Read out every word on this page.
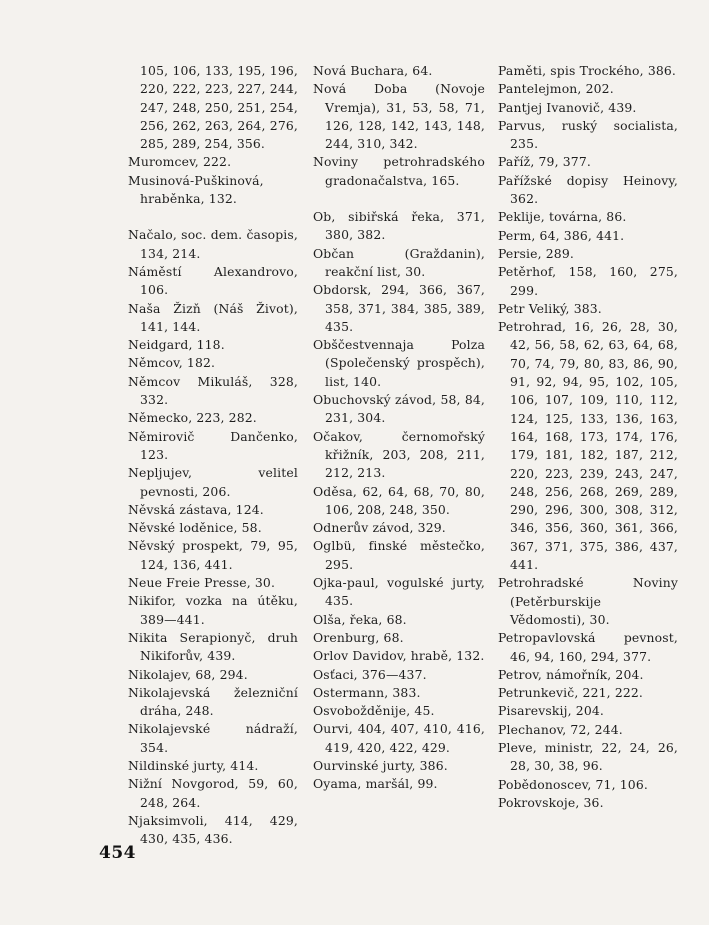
105, 106, 133, 195, 196, 220, 222, 223, 227, 244, 247, 248, 250, 251, 254, 256, 262, 263, 264, 276, 285, 289, 254, 356.
Muromcev, 222.
Musinová-Puškinová, hraběnka, 132.
Načalo, soc. dem. časopis, 134, 214.
Náměstí Alexandrovo, 106.
Naša Žizň (Náš Život), 141, 144.
Neidgard, 118.
Němcov, 182.
Němcov Mikuláš, 328, 332.
Německo, 223, 282.
Němirovič Dančenko, 123.
Nepljujev, velitel pevnosti, 206.
Něvská zástava, 124.
Něvské loděnice, 58.
Něvský prospekt, 79, 95, 124, 136, 441.
Neue Freie Presse, 30.
Nikifor, vozka na útěku, 389—441.
Nikita Serapionyč, druh Nikiforův, 439.
Nikolajev, 68, 294.
Nikolajevská železniční dráha, 248.
Nikolajevské nádraží, 354.
Nildinské jurty, 414.
Nižní Novgorod, 59, 60, 248, 264.
Njaksimvoli, 414, 429, 430, 435, 436.
Nová Buchara, 64.
Nová Doba (Novoje Vremja), 31, 53, 58, 71, 126, 128, 142, 143, 148, 244, 310, 342.
Noviny petrohradského gradonačalstva, 165.
Ob, sibiřská řeka, 371, 380, 382.
Občan (Graždanin), reakční list, 30.
Obdorsk, 294, 366, 367, 358, 371, 384, 385, 389, 435.
Obščestvennaja Polza (Společenský prospěch), list, 140.
Obuchovský závod, 58, 84, 231, 304.
Očakov, černomořský křižník, 203, 208, 211, 212, 213.
Oděsa, 62, 64, 68, 70, 80, 106, 208, 248, 350.
Odnerův závod, 329.
Oglbü, finské městečko, 295.
Ojka-paul, vogulské jurty, 435.
Olša, řeka, 68.
Orenburg, 68.
Orlov Davidov, hrabě, 132.
Osťaci, 376—437.
Ostermann, 383.
Osvobožděnije, 45.
Ourvi, 404, 407, 410, 416, 419, 420, 422, 429.
Ourvinské jurty, 386.
Oyama, maršál, 99.
Paměti, spis Trockého, 386.
Pantelejmon, 202.
Pantjej Ivanovič, 439.
Parvus, ruský socialista, 235.
Paříž, 79, 377.
Pařížské dopisy Heinovy, 362.
Peklije, továrna, 86.
Perm, 64, 386, 441.
Persie, 289.
Petěrhof, 158, 160, 275, 299.
Petr Veliký, 383.
Petrohrad, 16, 26, 28, 30, 42, 56, 58, 62, 63, 64, 68, 70, 74, 79, 80, 83, 86, 90, 91, 92, 94, 95, 102, 105, 106, 107, 109, 110, 112, 124, 125, 133, 136, 163, 164, 168, 173, 174, 176, 179, 181, 182, 187, 212, 220, 223, 239, 243, 247, 248, 256, 268, 269, 289, 290, 296, 300, 308, 312, 346, 356, 360, 361, 366, 367, 371, 375, 386, 437, 441.
Petrohradské Noviny (Petěrburskije Vědomosti), 30.
Petropavlovská pevnost, 46, 94, 160, 294, 377.
Petrov, námořník, 204.
Petrunkevič, 221, 222.
Pisarevskij, 204.
Plechanov, 72, 244.
Pleve, ministr, 22, 24, 26, 28, 30, 38, 96.
Pobědonoscev, 71, 106.
Pokrovskoje, 36.
454
